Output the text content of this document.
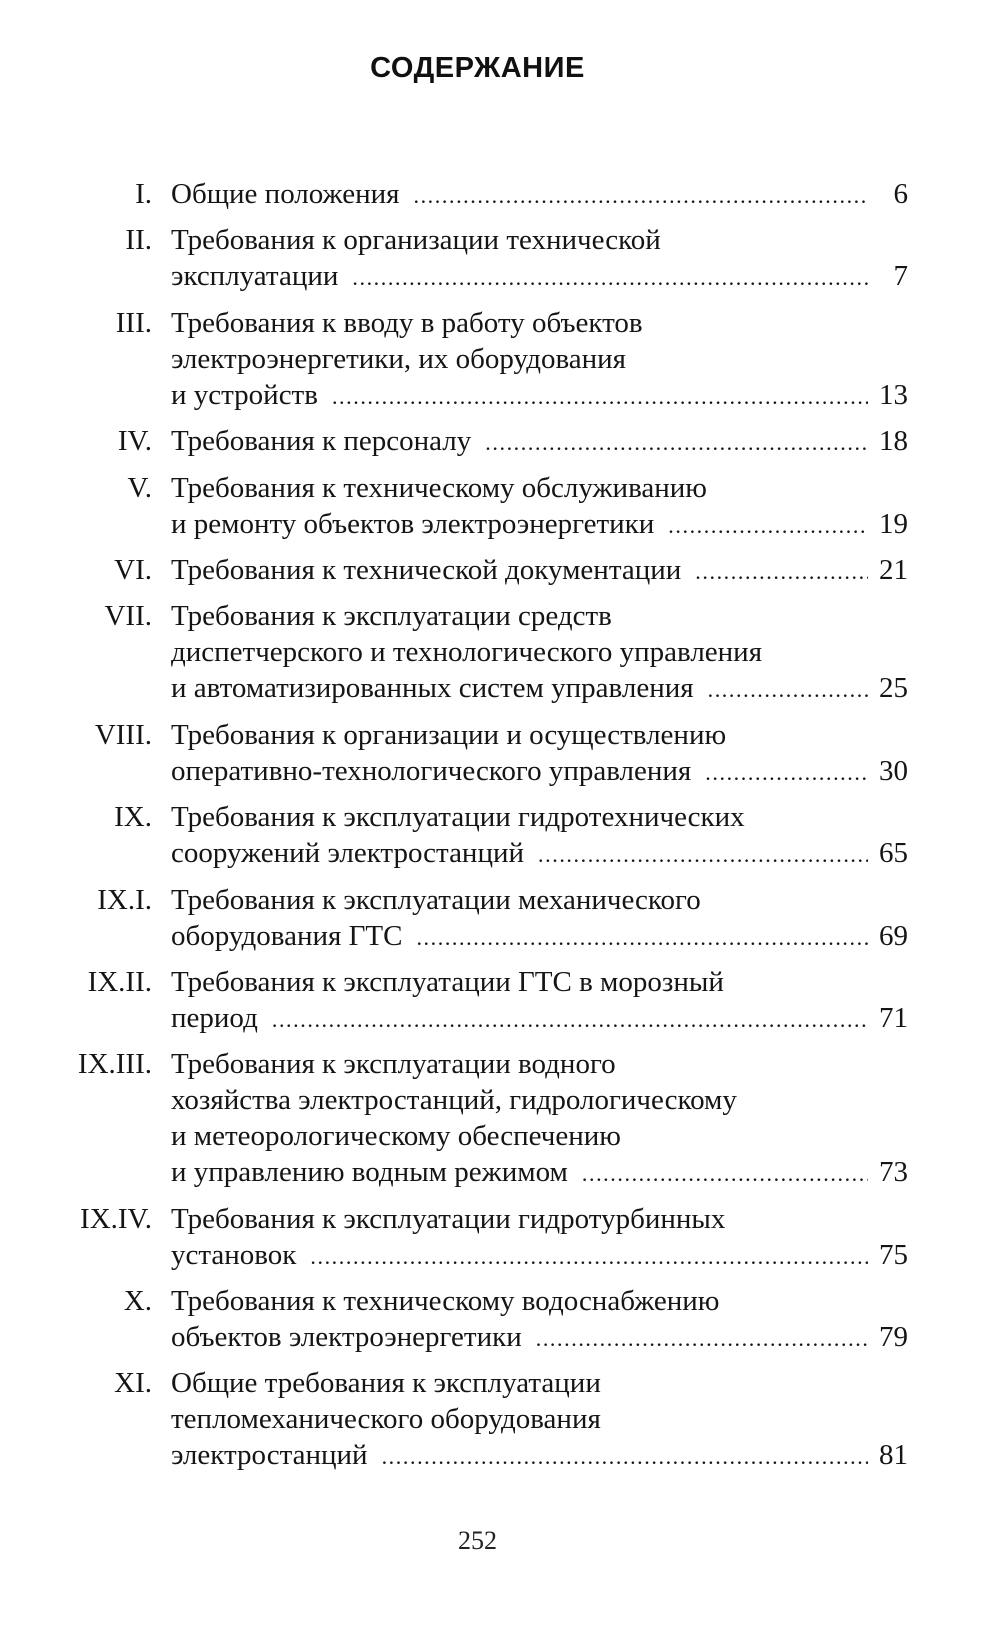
СОДЕРЖАНИЕ
I. Общие положения .....	6
II. Требования к организации технической
эксплуатации .....	7
III. Требования к вводу в работу объектов
электроэнергетики, их оборудования
и устройств .....	13
IV. Требования к персоналу .....	18
V. Требования к техническому обслуживанию
и ремонту объектов электроэнергетики .....	19
VI. Требования к технической документации .....	21
VII. Требования к эксплуатации средств
диспетчерского и технологического управления
и автоматизированных систем управления .....	25
VIII. Требования к организации и осуществлению
оперативно-технологического управления .....	30
IX. Требования к эксплуатации гидротехнических
сооружений электростанций .....	65
IX.I. Требования к эксплуатации механического
оборудования ГТС .....	69
IX.II. Требования к эксплуатации ГТС в морозный
период .....	71
IX.III. Требования к эксплуатации водного
хозяйства электростанций, гидрологическому
и метеорологическому обеспечению
и управлению водным режимом .....	73
IX.IV. Требования к эксплуатации гидротурбинных
установок .....	75
X. Требования к техническому водоснабжению
объектов электроэнергетики .....	79
XI. Общие требования к эксплуатации
тепломеханического оборудования
электростанций .....	81
252
